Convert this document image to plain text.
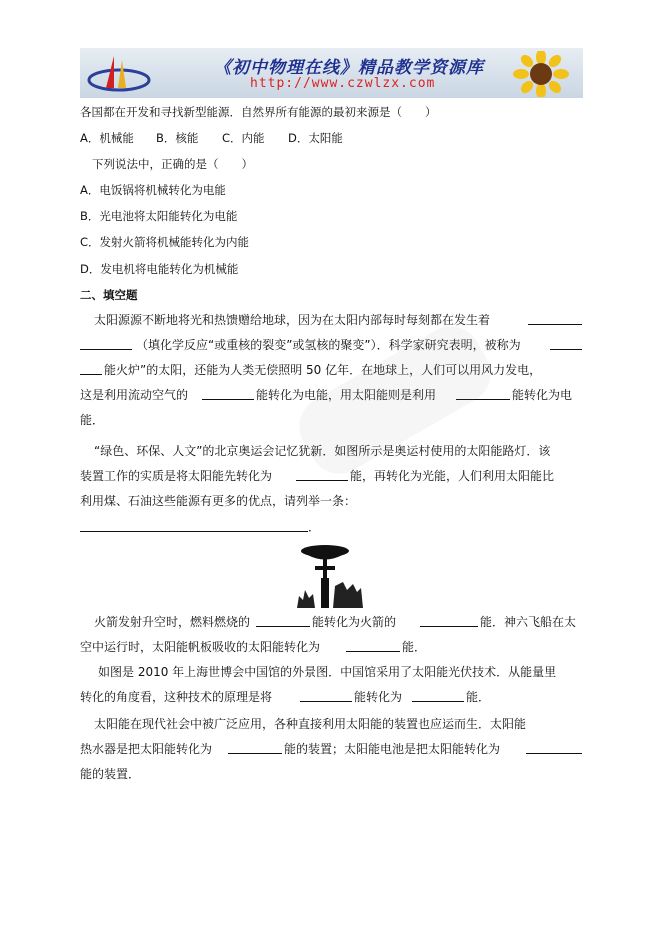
《初中物理在线》精品教学资源库
http://www.czwlzx.com
各国都在开发和寻找新型能源．自然界所有能源的最初来源是（　　）
A．机械能 B．核能 C．内能 D．太阳能
下列说法中，正确的是（　　）
A．电饭锅将机械转化为电能
B．光电池将太阳能转化为电能
C．发射火箭将机械能转化为内能
D．发电机将电能转化为机械能
二、填空题
太阳源源不断地将光和热馈赠给地球，因为在太阳内部每时每刻都在发生着
（填化学反应“或重核的裂变”或氢核的聚变”）．科学家研究表明，被称为
能火炉”的太阳，还能为人类无偿照明 50 亿年．在地球上，人们可以用风力发电，
这是利用流动空气的	能转化为电能，用太阳能则是利用	能转化为电
能．
“绿色、环保、人文”的北京奥运会记忆犹新．如图所示是奥运村使用的太阳能路灯．该
装置工作的实质是将太阳能先转化为	能，再转化为光能，人们利用太阳能比
利用煤、石油这些能源有更多的优点，请列举一条：
．
火箭发射升空时，燃料燃烧的	能转化为火箭的	能．神六飞船在太
空中运行时，太阳能帆板吸收的太阳能转化为	能．
如图是 2010 年上海世博会中国馆的外景图．中国馆采用了太阳能光伏技术．从能量里
转化的角度看，这种技术的原理是将	能转化为	能．
太阳能在现代社会中被广泛应用，各种直接利用太阳能的装置也应运而生．太阳能
热水器是把太阳能转化为	能的装置；太阳能电池是把太阳能转化为
能的装置．
